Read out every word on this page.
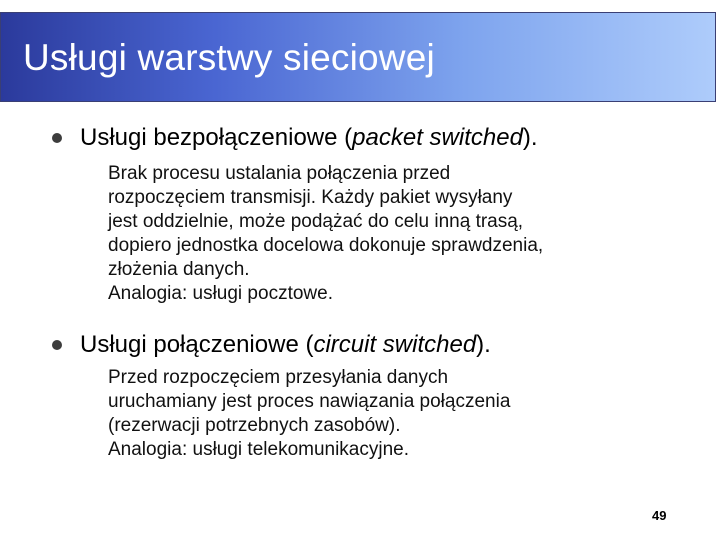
Usługi warstwy sieciowej
Usługi bezpołączeniowe (packet switched).
Brak procesu ustalania połączenia przed
rozpoczęciem transmisji. Każdy pakiet wysyłany
jest oddzielnie, może podążać do celu inną trasą,
dopiero jednostka docelowa dokonuje sprawdzenia,
złożenia danych.
Analogia: usługi pocztowe.
Usługi połączeniowe (circuit switched).
Przed rozpoczęciem przesyłania danych
uruchamiany jest proces nawiązania połączenia
(rezerwacji potrzebnych zasobów).
Analogia: usługi telekomunikacyjne.
49
